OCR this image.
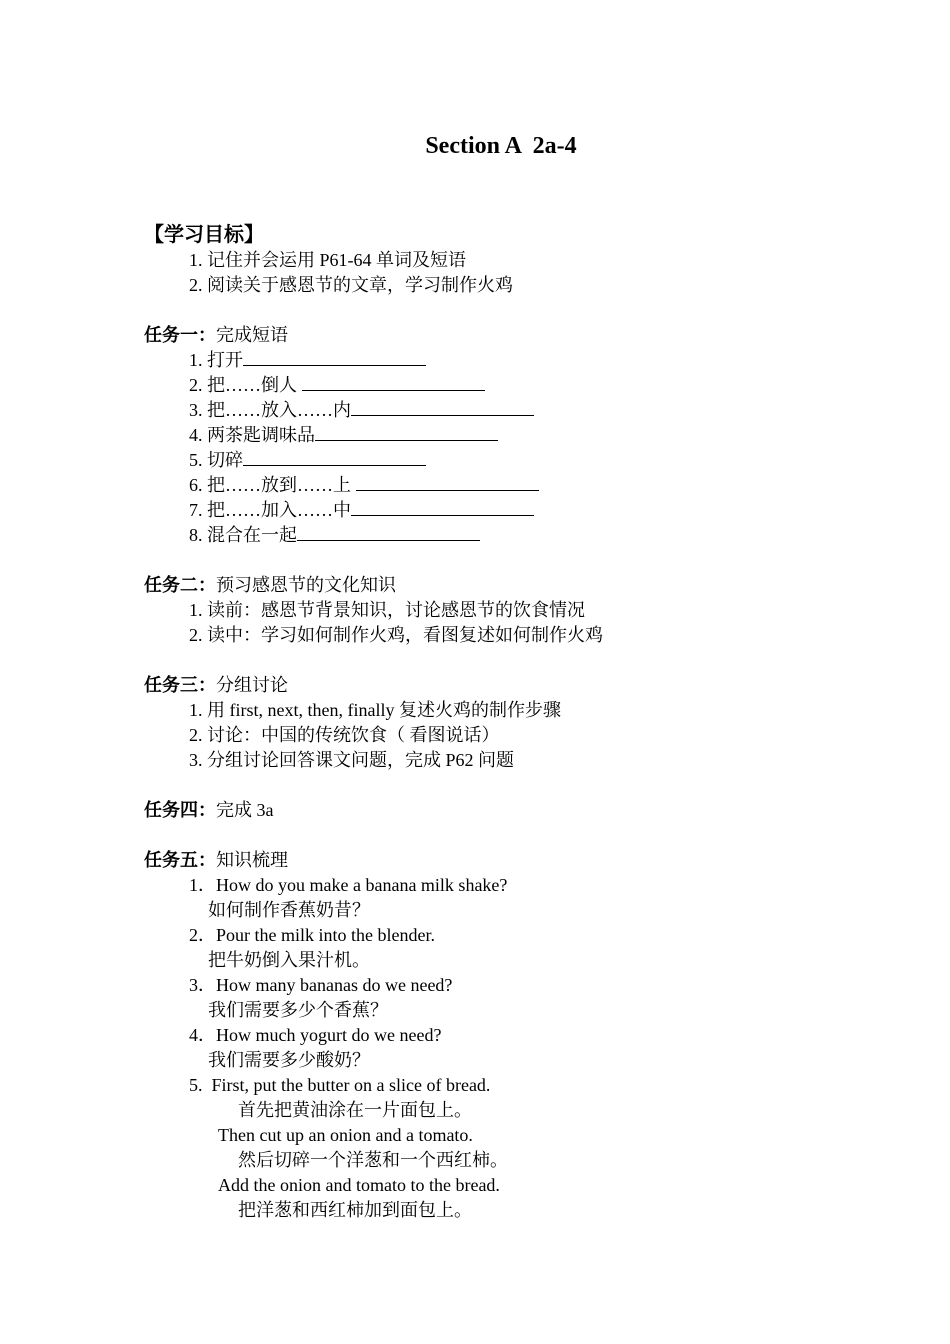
Section A  2a-4
【学习目标】
1. 记住并会运用 P61-64 单词及短语
2. 阅读关于感恩节的文章，学习制作火鸡
任务一：完成短语
1. 打开
2. 把……倒人
3. 把……放入……内
4. 两茶匙调味品
5. 切碎
6. 把……放到……上
7. 把……加入……中
8. 混合在一起
任务二：预习感恩节的文化知识
1. 读前：感恩节背景知识，讨论感恩节的饮食情况
2. 读中：学习如何制作火鸡，看图复述如何制作火鸡
任务三：分组讨论
1. 用 first, next, then, finally 复述火鸡的制作步骤
2. 讨论：中国的传统饮食（ 看图说话）
3. 分组讨论回答课文问题，完成 P62 问题
任务四：完成 3a
任务五：知识梳理
1．How do you make a banana milk shake?
如何制作香蕉奶昔？
2．Pour the milk into the blender.
把牛奶倒入果汁机。
3．How many bananas do we need?
我们需要多少个香蕉？
4．How much yogurt do we need?
我们需要多少酸奶？
5.  First, put the butter on a slice of bread.
首先把黄油涂在一片面包上。
Then cut up an onion and a tomato.
然后切碎一个洋葱和一个西红柿。
Add the onion and tomato to the bread.
把洋葱和西红柿加到面包上。
